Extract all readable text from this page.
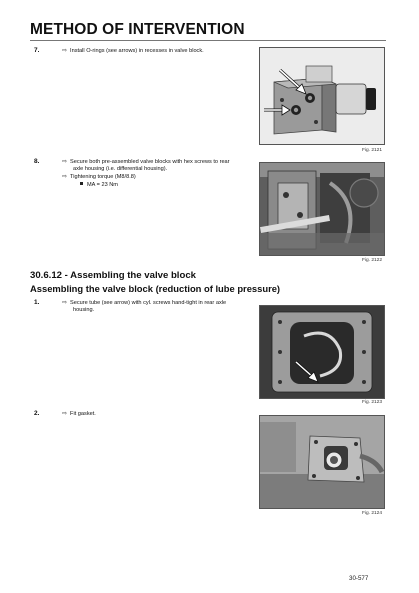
METHOD OF INTERVENTION
7.	⇨ Install O-rings (see arrows) in recesses in valve block.
Fig. 2121
8.	⇨ Secure both pre-assembled valve blocks with hex screws to rear
axle housing (i.e. differential housing).
⇨ Tightening torque (M8/8.8)
MA = 23 Nm
Fig. 2122
30.6.12 - Assembling the valve block
Assembling the valve block (reduction of lube pressure)
1.	⇨ Secure tube (see arrow) with cyl. screws hand-tight in rear axle
housing.
Fig. 2123
2.	⇨ Fit gasket.
Fig. 2124
30-577
